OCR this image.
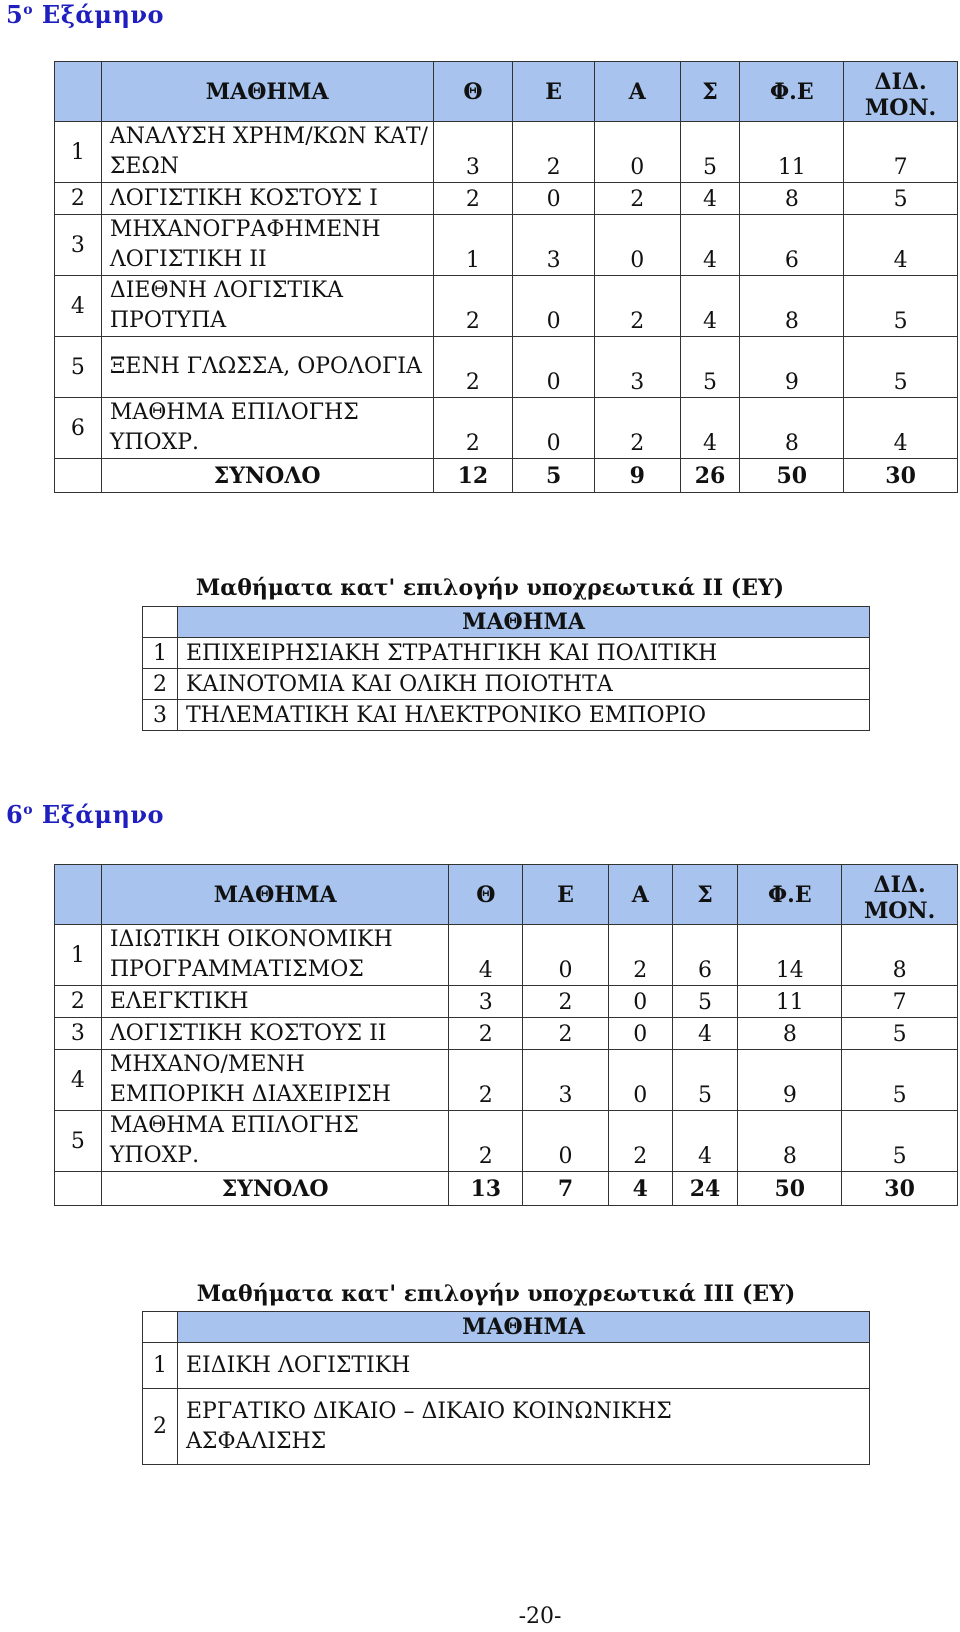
$5^o$ Εξάμηνο
	ΜΑΘΗΜΑ	Θ	Ε	Α	Σ	Φ.Ε	ΔΙΔ. ΜΟΝ.
1	ΑΝΑΛΥΣΗ ΧΡΗΜ/ΚΩΝ ΚΑΤ/ΣΕΩΝ	3	2	0	5	11	7
2	ΛΟΓΙΣΤΙΚΗ ΚΟΣΤΟΥΣ Ι	2	0	2	4	8	5
3	ΜΗΧΑΝΟΓΡΑΦΗΜΕΝΗ ΛΟΓΙΣΤΙΚΗ ΙΙ	1	3	0	4	6	4
4	ΔΙΕΘΝΗ ΛΟΓΙΣΤΙΚΑ ΠΡΟΤΥΠΑ	2	0	2	4	8	5
5	ΞΕΝΗ ΓΛΩΣΣΑ, ΟΡΟΛΟΓΙΑ	2	0	3	5	9	5
6	ΜΑΘΗΜΑ ΕΠΙΛΟΓΗΣ ΥΠΟΧΡ.	2	0	2	4	8	4
	ΣΥΝΟΛΟ	12	5	9	26	50	30
Μαθήματα κατ' επιλογήν υποχρεωτικά ΙΙ (ΕΥ)
	ΜΑΘΗΜΑ
1	ΕΠΙΧΕΙΡΗΣΙΑΚΗ ΣΤΡΑΤΗΓΙΚΗ ΚΑΙ ΠΟΛΙΤΙΚΗ
2	ΚΑΙΝΟΤΟΜΙΑ ΚΑΙ ΟΛΙΚΗ ΠΟΙΟΤΗΤΑ
3	ΤΗΛΕΜΑΤΙΚΗ ΚΑΙ ΗΛΕΚΤΡΟΝΙΚΟ ΕΜΠΟΡΙΟ
$6^o$ Εξάμηνο
	ΜΑΘΗΜΑ	Θ	Ε	Α	Σ	Φ.Ε	ΔΙΔ. ΜΟΝ.
1	ΙΔΙΩΤΙΚΗ ΟΙΚΟΝΟΜΙΚΗ ΠΡΟΓΡΑΜΜΑΤΙΣΜΟΣ	4	0	2	6	14	8
2	ΕΛΕΓΚΤΙΚΗ	3	2	0	5	11	7
3	ΛΟΓΙΣΤΙΚΗ ΚΟΣΤΟΥΣ ΙΙ	2	2	0	4	8	5
4	ΜΗΧΑΝΟ/ΜΕΝΗ ΕΜΠΟΡΙΚΗ ΔΙΑΧΕΙΡΙΣΗ	2	3	0	5	9	5
5	ΜΑΘΗΜΑ ΕΠΙΛΟΓΗΣ ΥΠΟΧΡ.	2	0	2	4	8	5
	ΣΥΝΟΛΟ	13	7	4	24	50	30
Μαθήματα κατ' επιλογήν υποχρεωτικά ΙΙΙ (ΕΥ)
	ΜΑΘΗΜΑ
1	ΕΙΔΙΚΗ ΛΟΓΙΣΤΙΚΗ
2	ΕΡΓΑΤΙΚΟ ΔΙΚΑΙΟ – ΔΙΚΑΙΟ ΚΟΙΝΩΝΙΚΗΣ ΑΣΦΑΛΙΣΗΣ
-20-
